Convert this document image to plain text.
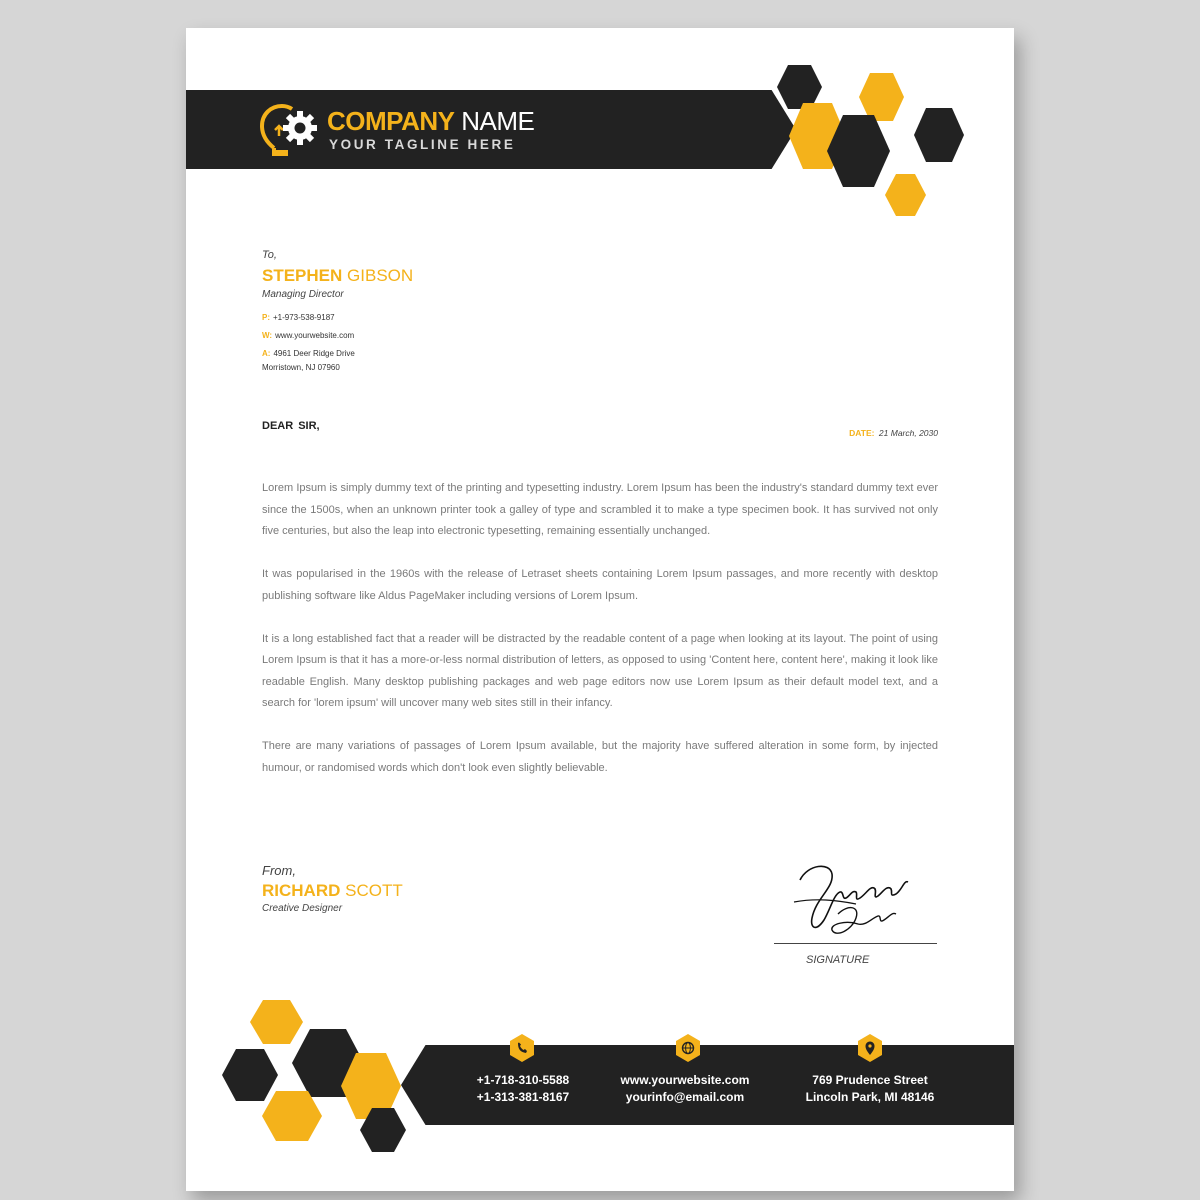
COMPANY NAME
YOUR TAGLINE HERE
To,
STEPHEN GIBSON
Managing Director
P: +1-973-538-9187
W: www.yourwebsite.com
A: 4961 Deer Ridge Drive
Morristown, NJ 07960
DEAR SIR,
DATE: 21 March, 2030

Lorem Ipsum is simply dummy text of the printing and typesetting industry. Lorem Ipsum has been the industry's standard dummy text ever since the 1500s, when an unknown printer took a galley of type and scrambled it to make a type specimen book. It has survived not only five centuries, but also the leap into electronic typesetting, remaining essentially unchanged.

It was popularised in the 1960s with the release of Letraset sheets containing Lorem Ipsum passages, and more recently with desktop publishing software like Aldus PageMaker including versions of Lorem Ipsum.

It is a long established fact that a reader will be distracted by the readable content of a page when looking at its layout. The point of using Lorem Ipsum is that it has a more-or-less normal distribution of letters, as opposed to using 'Content here, content here', making it look like readable English. Many desktop publishing packages and web page editors now use Lorem Ipsum as their default model text, and a search for 'lorem ipsum' will uncover many web sites still in their infancy.

There are many variations of passages of Lorem Ipsum available, but the majority have suffered alteration in some form, by injected humour, or randomised words which don't look even slightly believable.

From,
RICHARD SCOTT
Creative Designer
SIGNATURE
+1-718-310-5588
+1-313-381-8167
www.yourwebsite.com
yourinfo@email.com
769 Prudence Street
Lincoln Park, MI 48146
